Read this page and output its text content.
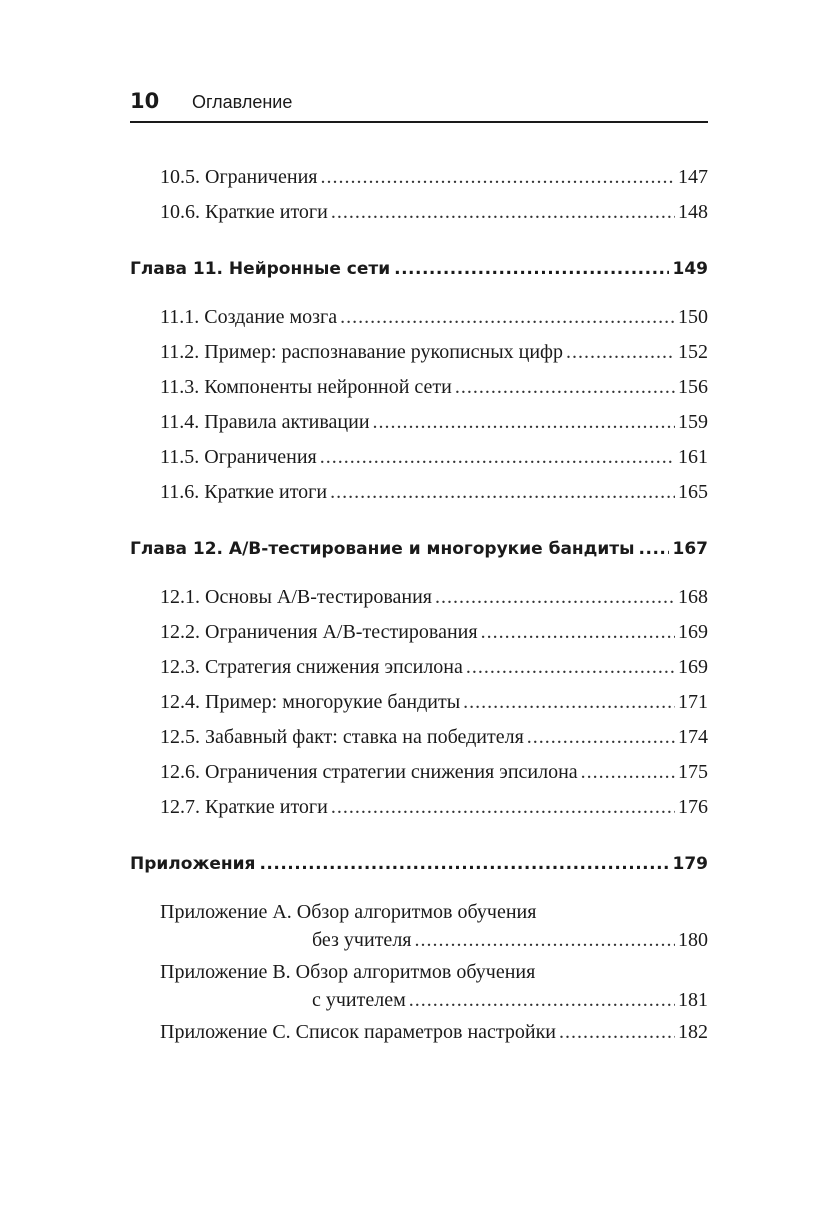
10 Оглавление
10.5. Ограничения .....	147
10.6. Краткие итоги .....	148
Глава 11. Нейронные сети .....	149
11.1. Создание мозга .....	150
11.2. Пример: распознавание рукописных цифр .....	152
11.3. Компоненты нейронной сети .....	156
11.4. Правила активации .....	159
11.5. Ограничения .....	161
11.6. Краткие итоги .....	165
Глава 12. A/B-тестирование и многорукие бандиты ..... 167
12.1. Основы A/B-тестирования .....	168
12.2. Ограничения A/B-тестирования .....	169
12.3. Стратегия снижения эпсилона .....	169
12.4. Пример: многорукие бандиты .....	171
12.5. Забавный факт: ставка на победителя .....	174
12.6. Ограничения стратегии снижения эпсилона .....	175
12.7. Краткие итоги .....	176
Приложения .....	179
Приложение A. Обзор алгоритмов обучения
без учителя .....	180
Приложение B. Обзор алгоритмов обучения
с учителем .....	181
Приложение C. Список параметров настройки .....	182
